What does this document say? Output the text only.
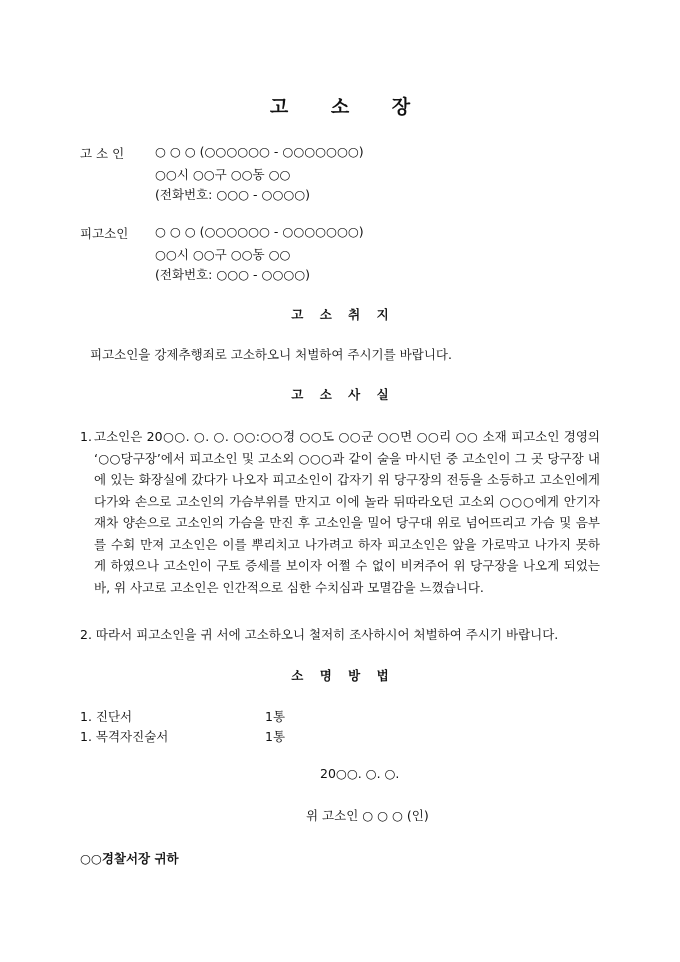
고 소 장
고 소 인 ○ ○ ○ (○○○○○○ - ○○○○○○○)
○○시 ○○구 ○○동 ○○
(전화번호: ○○○ - ○○○○)
피고소인 ○ ○ ○ (○○○○○○ - ○○○○○○○)
○○시 ○○구 ○○동 ○○
(전화번호: ○○○ - ○○○○)
고 소 취 지
피고소인을 강제추행죄로 고소하오니 처벌하여 주시기를 바랍니다.
고 소 사 실
1. 고소인은 20○○. ○. ○. ○○:○○경 ○○도 ○○군 ○○면 ○○리 ○○ 소재 피고소인 경영의 ‘○○당구장’에서 피고소인 및 고소외 ○○○과 같이 술을 마시던 중 고소인이 그 곳 당구장 내에 있는 화장실에 갔다가 나오자 피고소인이 갑자기 위 당구장의 전등을 소등하고 고소인에게 다가와 손으로 고소인의 가슴부위를 만지고 이에 놀라 뒤따라오던 고소외 ○○○에게 안기자 재차 양손으로 고소인의 가슴을 만진 후 고소인을 밀어 당구대 위로 넘어뜨리고 가슴 및 음부를 수회 만져 고소인은 이를 뿌리치고 나가려고 하자 피고소인은 앞을 가로막고 나가지 못하게 하였으나 고소인이 구토 증세를 보이자 어쩔 수 없이 비켜주어 위 당구장을 나오게 되었는바, 위 사고로 고소인은 인간적으로 심한 수치심과 모멸감을 느꼈습니다.
2. 따라서 피고소인을 귀 서에 고소하오니 철저히 조사하시어 처벌하여 주시기 바랍니다.
소 명 방 법
1. 진단서	1통
1. 목격자진술서	1통
20○○. ○. ○.
위 고소인 ○ ○ ○ (인)
○○경찰서장 귀하
